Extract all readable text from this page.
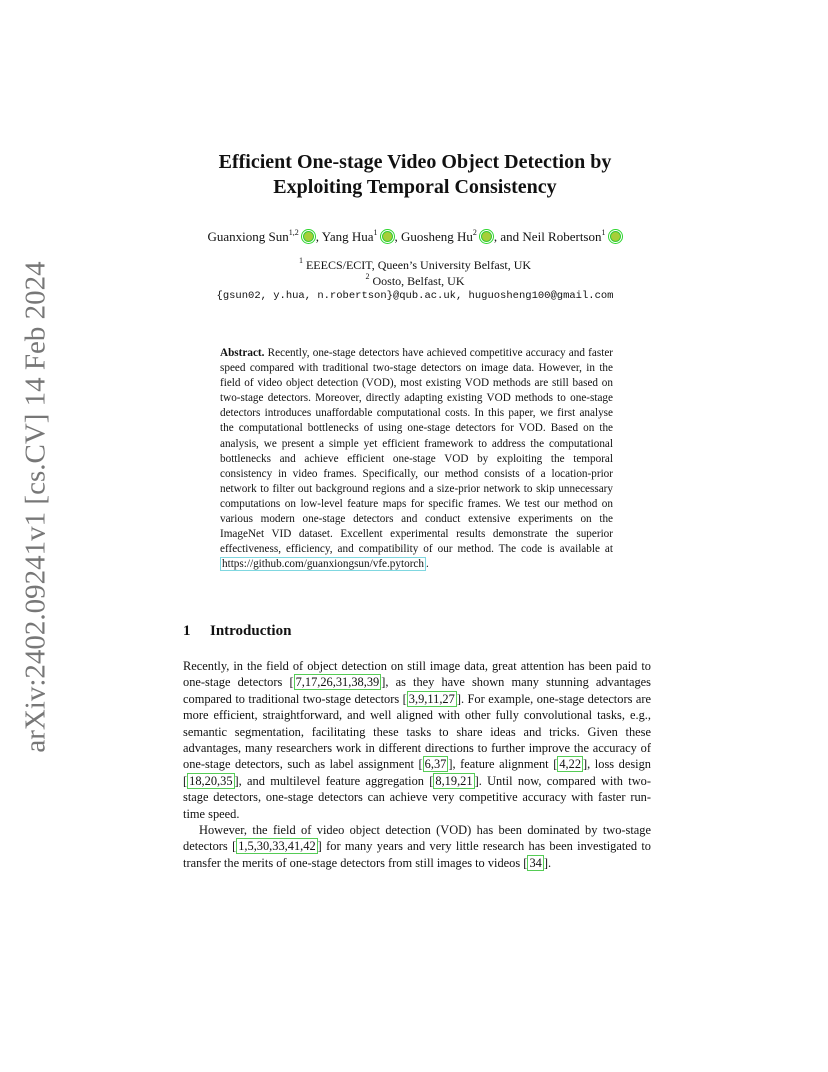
arXiv:2402.09241v1 [cs.CV] 14 Feb 2024
Efficient One-stage Video Object Detection by
Exploiting Temporal Consistency
Guanxiong Sun$^{1,2}$ , Yang Hua$^1$ , Guosheng Hu$^2$ , and Neil Robertson$^1$
$^1$ EEECS/ECIT, Queen’s University Belfast, UK
$^2$ Oosto, Belfast, UK
{gsun02, y.hua, n.robertson}@qub.ac.uk, huguosheng100@gmail.com
Abstract. Recently, one-stage detectors have achieved competitive accuracy and faster speed compared with traditional two-stage detectors on image data. However, in the field of video object detection (VOD), most existing VOD methods are still based on two-stage detectors. Moreover, directly adapting existing VOD methods to one-stage detectors introduces unaffordable computational costs. In this paper, we first analyse the computational bottlenecks of using one-stage detectors for VOD. Based on the analysis, we present a simple yet efficient framework to address the computational bottlenecks and achieve efficient one-stage VOD by exploiting the temporal consistency in video frames. Specifically, our method consists of a location-prior network to filter out background regions and a size-prior network to skip unnecessary computations on low-level feature maps for specific frames. We test our method on various modern one-stage detectors and conduct extensive experiments on the ImageNet VID dataset. Excellent experimental results demonstrate the superior effectiveness, efficiency, and compatibility of our method. The code is available at https://github.com/guanxiongsun/vfe.pytorch .
1 Introduction

Recently, in the field of object detection on still image data, great attention has been paid to one-stage detectors [ 7,17,26,31,38,39 ], as they have shown many stunning advantages compared to traditional two-stage detectors [ 3,9,11,27 ]. For example, one-stage detectors are more efficient, straightforward, and well aligned with other fully convolutional tasks, e.g., semantic segmentation, facilitating these tasks to share ideas and tricks. Given these advantages, many researchers work in different directions to further improve the accuracy of one-stage detectors, such as label assignment [ 6,37 ], feature alignment [ 4,22 ], loss design [ 18,20,35 ], and multilevel feature aggregation [ 8,19,21 ]. Until now, compared with two-stage detectors, one-stage detectors can achieve very competitive accuracy with faster run-time speed.

However, the field of video object detection (VOD) has been dominated by two-stage detectors [ 1,5,30,33,41,42 ] for many years and very little research has been investigated to transfer the merits of one-stage detectors from still images to videos [ 34 ].
